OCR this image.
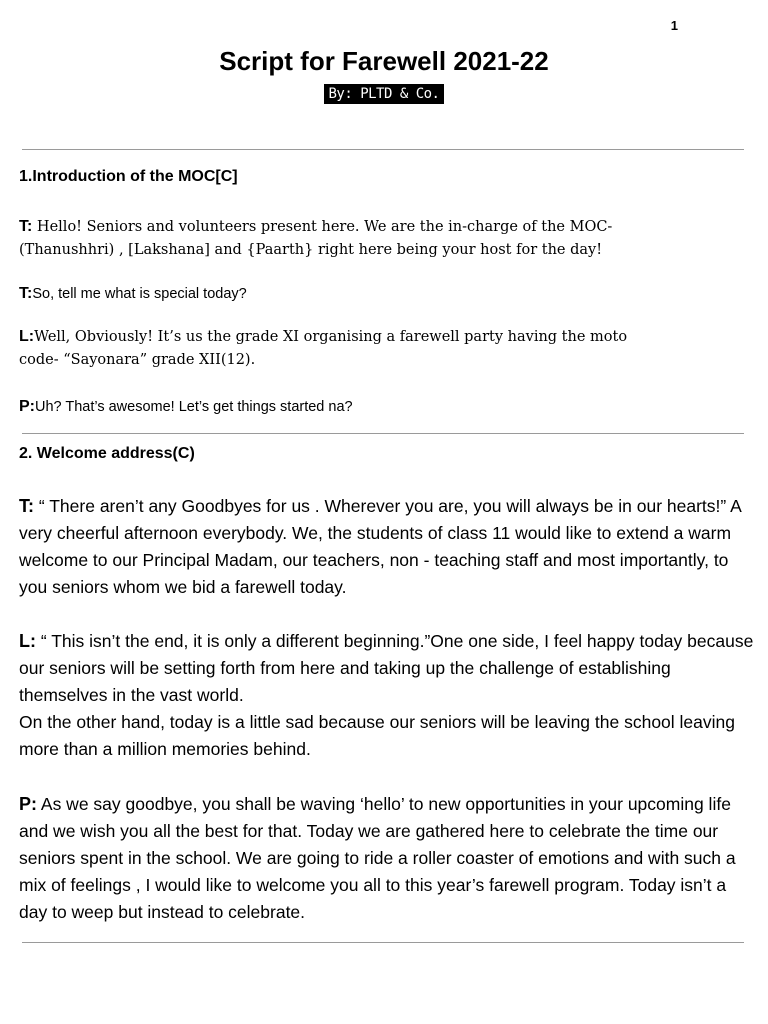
1
Script for Farewell 2021-22
By: PLTD & Co.
1.Introduction of the MOC[C]

T: Hello! Seniors and volunteers present here. We are the in-charge of the MOC-(Thanushhri) , [Lakshana] and {Paarth} right here being your host for the day!

T:So, tell me what is special today?

L:Well, Obviously! It’s us the grade XI organising a farewell party having the moto code- “Sayonara” grade XII(12).

P:Uh? That’s awesome! Let’s get things started na?

2. Welcome address(C)

T: “ There aren’t any Goodbyes for us . Wherever you are, you will always be in our hearts!” A very cheerful afternoon everybody. We, the students of class 11 would like to extend a warm welcome to our Principal Madam, our teachers, non - teaching staff and most importantly, to you seniors whom we bid a farewell today.

L: “ This isn’t the end, it is only a different beginning.”One one side, I feel happy today because our seniors will be setting forth from here and taking up the challenge of establishing themselves in the vast world.
On the other hand, today is a little sad because our seniors will be leaving the school leaving more than a million memories behind.

P: As we say goodbye, you shall be waving ‘hello’ to new opportunities in your upcoming life and we wish you all the best for that. Today we are gathered here to celebrate the time our seniors spent in the school. We are going to ride a roller coaster of emotions and with such a mix of feelings , I would like to welcome you all to this year’s farewell program. Today isn’t a day to weep but instead to celebrate.
